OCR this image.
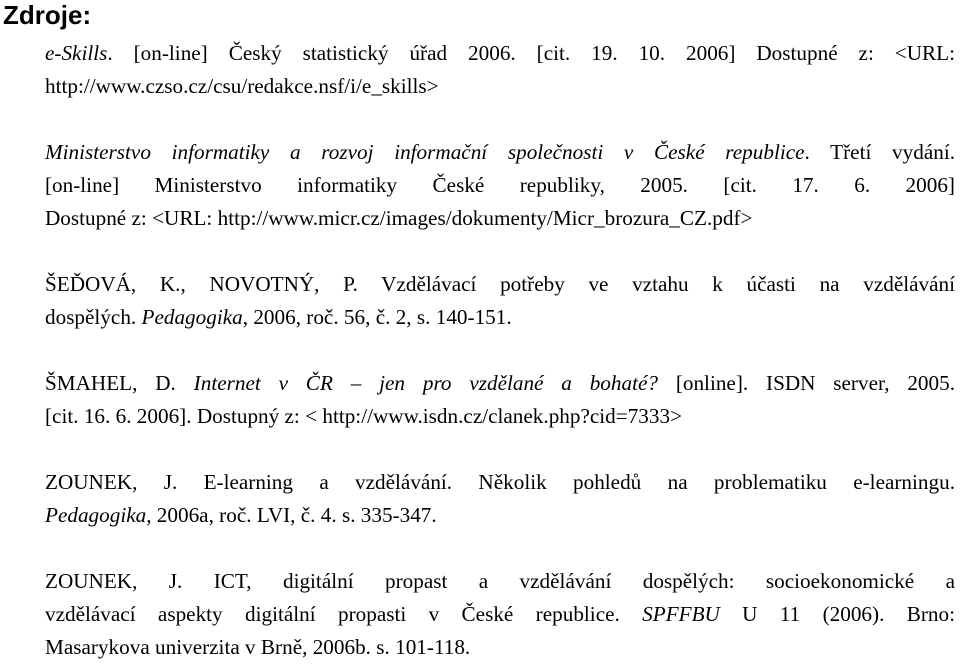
Zdroje:

e-Skills. [on-line] Český statistický úřad 2006. [cit. 19. 10. 2006] Dostupné z: <URL:
http://www.czso.cz/csu/redakce.nsf/i/e_skills>

Ministerstvo informatiky a rozvoj informační společnosti v České republice. Třetí vydání.
[on-line] Ministerstvo informatiky České republiky, 2005. [cit. 17. 6. 2006]
Dostupné z: <URL: http://www.micr.cz/images/dokumenty/Micr_brozura_CZ.pdf>

ŠEĎOVÁ, K., NOVOTNÝ, P. Vzdělávací potřeby ve vztahu k účasti na vzdělávání
dospělých. Pedagogika, 2006, roč. 56, č. 2, s. 140-151.

ŠMAHEL, D. Internet v ČR – jen pro vzdělané a bohaté? [online]. ISDN server, 2005.
[cit. 16. 6. 2006]. Dostupný z: < http://www.isdn.cz/clanek.php?cid=7333>

ZOUNEK, J. E-learning a vzdělávání. Několik pohledů na problematiku e-learningu.
Pedagogika, 2006a, roč. LVI, č. 4. s. 335-347.

ZOUNEK, J. ICT, digitální propast a vzdělávání dospělých: socioekonomické a
vzdělávací aspekty digitální propasti v České republice. SPFFBU U 11 (2006). Brno:
Masarykova univerzita v Brně, 2006b. s. 101-118.
